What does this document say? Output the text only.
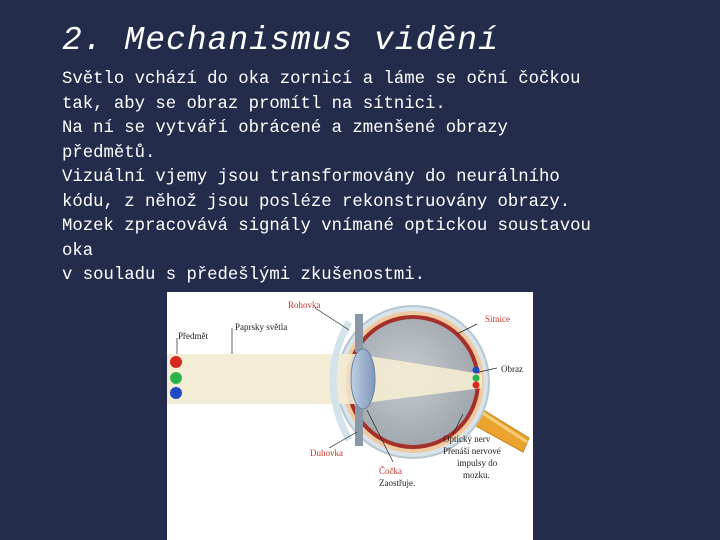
2. Mechanismus vidění
Světlo vchází do oka zornicí a láme se oční čočkou
tak, aby se obraz promítl na sítnici.
Na ní se vytváří obrácené a zmenšené obrazy
předmětů.
Vizuální vjemy jsou transformovány do neurálního
kódu, z něhož jsou posléze rekonstruovány obrazy.
Mozek zpracovává signály vnímané optickou soustavou
oka
v souladu s předešlými zkušenostmi.
Rohovka
Předmět
Paprsky světla
Sítnice
Obraz
Duhovka
Čočka
Zaostřuje.
Optický nerv
Přenáší nervové
impulsy do
mozku.
